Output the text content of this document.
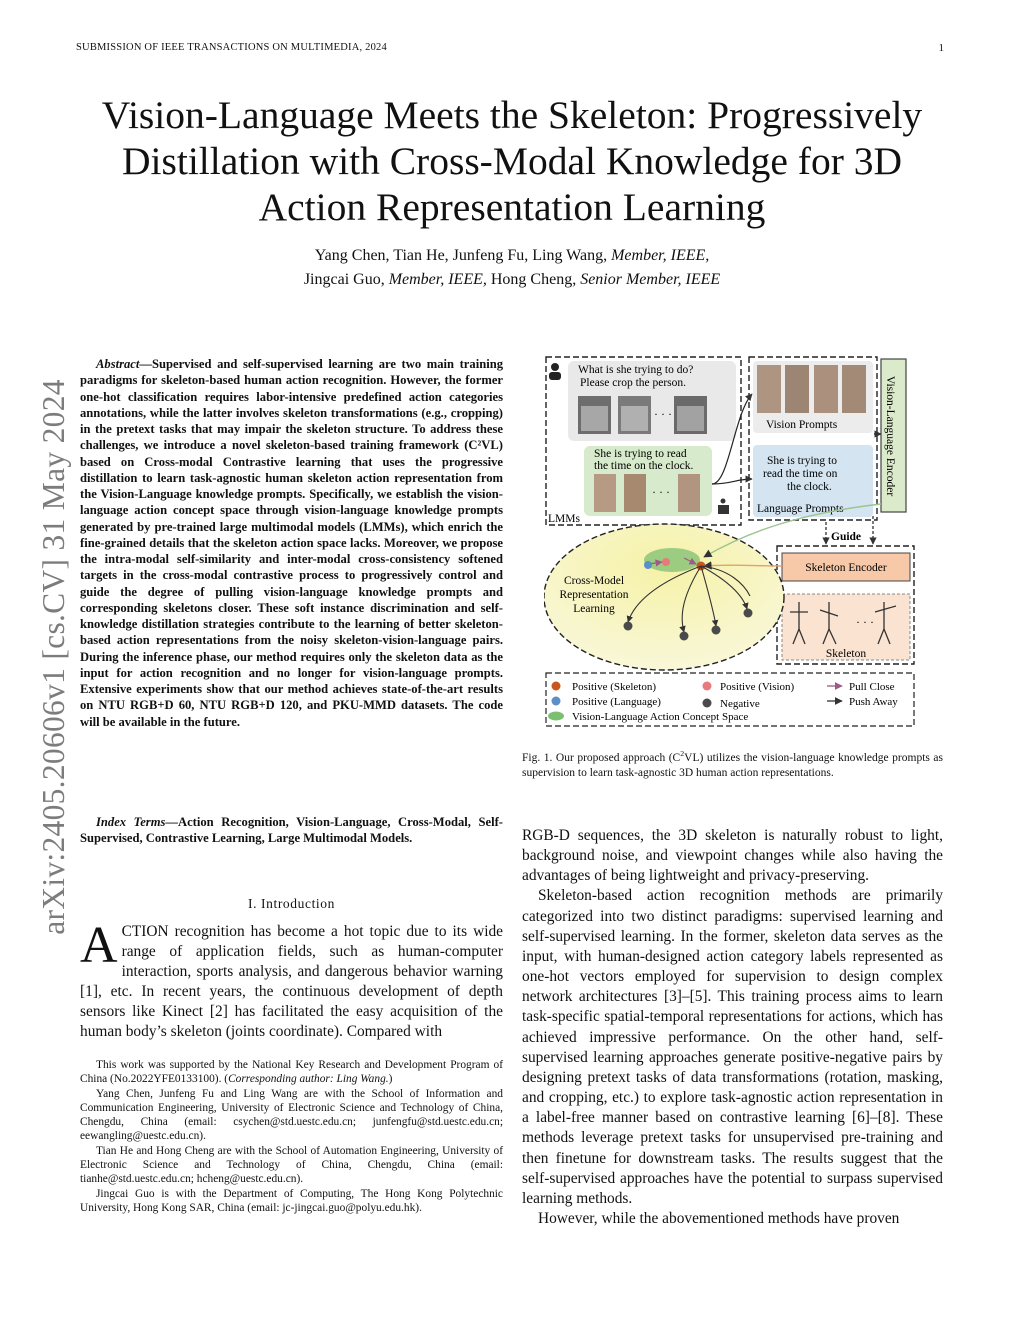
SUBMISSION OF IEEE TRANSACTIONS ON MULTIMEDIA, 2024	1
Vision-Language Meets the Skeleton: Progressively
Distillation with Cross-Modal Knowledge for 3D
Action Representation Learning
Yang Chen, Tian He, Junfeng Fu, Ling Wang, Member, IEEE,
Jingcai Guo, Member, IEEE, Hong Cheng, Senior Member, IEEE
arXiv:2405.20606v1 [cs.CV] 31 May 2024
Abstract—Supervised and self-supervised learning are two main training paradigms for skeleton-based human action recognition. However, the former one-hot classification requires labor-intensive predefined action categories annotations, while the latter involves skeleton transformations (e.g., cropping) in the pretext tasks that may impair the skeleton structure. To address these challenges, we introduce a novel skeleton-based training framework (C²VL) based on Cross-modal Contrastive learning that uses the progressive distillation to learn task-agnostic human skeleton action representation from the Vision-Language knowledge prompts. Specifically, we establish the vision-language action concept space through vision-language knowledge prompts generated by pre-trained large multimodal models (LMMs), which enrich the fine-grained details that the skeleton action space lacks. Moreover, we propose the intra-modal self-similarity and inter-modal cross-consistency softened targets in the cross-modal contrastive process to progressively control and guide the degree of pulling vision-language knowledge prompts and corresponding skeletons closer. These soft instance discrimination and self-knowledge distillation strategies contribute to the learning of better skeleton-based action representations from the noisy skeleton-vision-language pairs. During the inference phase, our method requires only the skeleton data as the input for action recognition and no longer for vision-language prompts. Extensive experiments show that our method achieves state-of-the-art results on NTU RGB+D 60, NTU RGB+D 120, and PKU-MMD datasets. The code will be available in the future.
Index Terms—Action Recognition, Vision-Language, Cross-Modal, Self-Supervised, Contrastive Learning, Large Multimodal Models.
I. Introduction
ACTION recognition has become a hot topic due to its wide range of application fields, such as human-computer interaction, sports analysis, and dangerous behavior warning [1], etc. In recent years, the continuous development of depth sensors like Kinect [2] has facilitated the easy acquisition of the human body’s skeleton (joints coordinate). Compared with

This work was supported by the National Key Research and Development Program of China (No.2022YFE0133100). (Corresponding author: Ling Wang.)

Yang Chen, Junfeng Fu and Ling Wang are with the School of Information and Communication Engineering, University of Electronic Science and Technology of China, Chengdu, China (email: csychen@std.uestc.edu.cn; junfengfu@std.uestc.edu.cn; eewangling@uestc.edu.cn).

Tian He and Hong Cheng are with the School of Automation Engineering, University of Electronic Science and Technology of China, Chengdu, China (email: tianhe@std.uestc.edu.cn; hcheng@uestc.edu.cn).

Jingcai Guo is with the Department of Computing, The Hong Kong Polytechnic University, Hong Kong SAR, China (email: jc-jingcai.guo@polyu.edu.hk).

What is she trying to do?
Please crop the person.
· · ·
She is trying to read
the time on the clock.
· · ·
LMMs
Vision Prompts
She is trying to
read the time on
the clock.
Language Prompts
Vision-Language Encoder
Guide
Skeleton Encoder
· · ·
Skeleton
Cross-Model
Representation
Learning
Positive (Skeleton)	Positive (Vision)	Pull Close
Positive (Language)	Negative	Push Away
Vision-Language Action Concept Space
Fig. 1. Our proposed approach $(C^2VL)$ utilizes the vision-language knowledge prompts as supervision to learn task-agnostic 3D human action representations.

RGB-D sequences, the 3D skeleton is naturally robust to light, background noise, and viewpoint changes while also having the advantages of being lightweight and privacy-preserving.

Skeleton-based action recognition methods are primarily categorized into two distinct paradigms: supervised learning and self-supervised learning. In the former, skeleton data serves as the input, with human-designed action category labels represented as one-hot vectors employed for supervision to design complex network architectures [3]–[5]. This training process aims to learn task-specific spatial-temporal representations for actions, which has achieved impressive performance. On the other hand, self-supervised learning approaches generate positive-negative pairs by designing pretext tasks of data transformations (rotation, masking, and cropping, etc.) to explore task-agnostic action representation in a label-free manner based on contrastive learning [6]–[8]. These methods leverage pretext tasks for unsupervised pre-training and then finetune for downstream tasks. The results suggest that the self-supervised approaches have the potential to surpass supervised learning methods.

However, while the abovementioned methods have proven
